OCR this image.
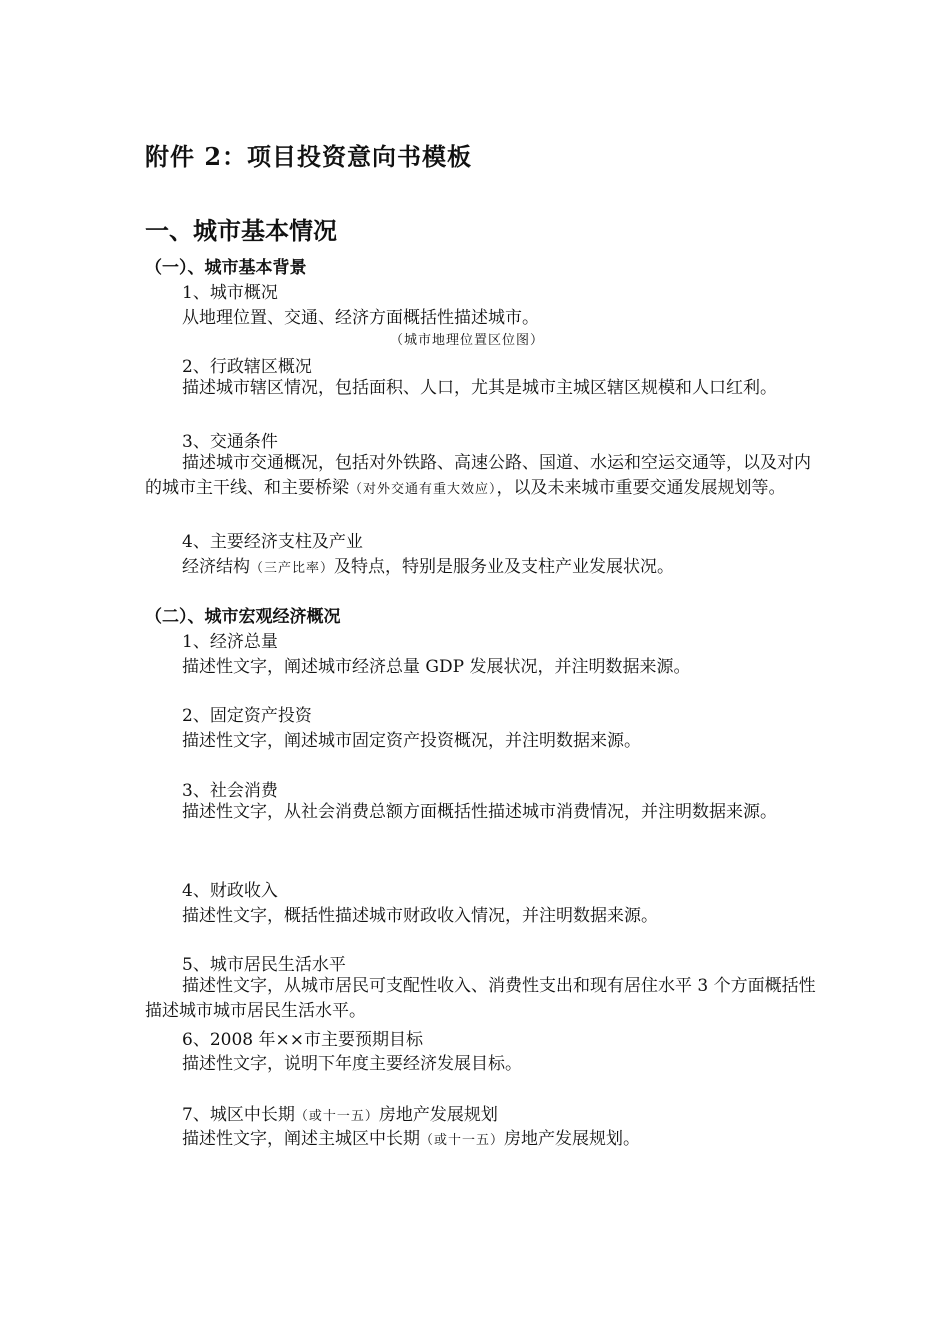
附件 2：项目投资意向书模板
一、城市基本情况
（一）、城市基本背景
1、城市概况
从地理位置、交通、经济方面概括性描述城市。
（城市地理位置区位图）
2、行政辖区概况
描述城市辖区情况，包括面积、人口，尤其是城市主城区辖区规模和人口红利。
3、交通条件
描述城市交通概况，包括对外铁路、高速公路、国道、水运和空运交通等，以及对内的城市主干线、和主要桥梁（对外交通有重大效应），以及未来城市重要交通发展规划等。
4、主要经济支柱及产业
经济结构（三产比率）及特点，特别是服务业及支柱产业发展状况。
（二）、城市宏观经济概况
1、经济总量
描述性文字，阐述城市经济总量 GDP 发展状况，并注明数据来源。
2、固定资产投资
描述性文字，阐述城市固定资产投资概况，并注明数据来源。
3、社会消费
描述性文字，从社会消费总额方面概括性描述城市消费情况，并注明数据来源。
4、财政收入
描述性文字，概括性描述城市财政收入情况，并注明数据来源。
5、城市居民生活水平
描述性文字，从城市居民可支配性收入、消费性支出和现有居住水平 3 个方面概括性描述城市城市居民生活水平。
6、2008 年××市主要预期目标
描述性文字，说明下年度主要经济发展目标。
7、城区中长期（或十一五）房地产发展规划
描述性文字，阐述主城区中长期（或十一五）房地产发展规划。
